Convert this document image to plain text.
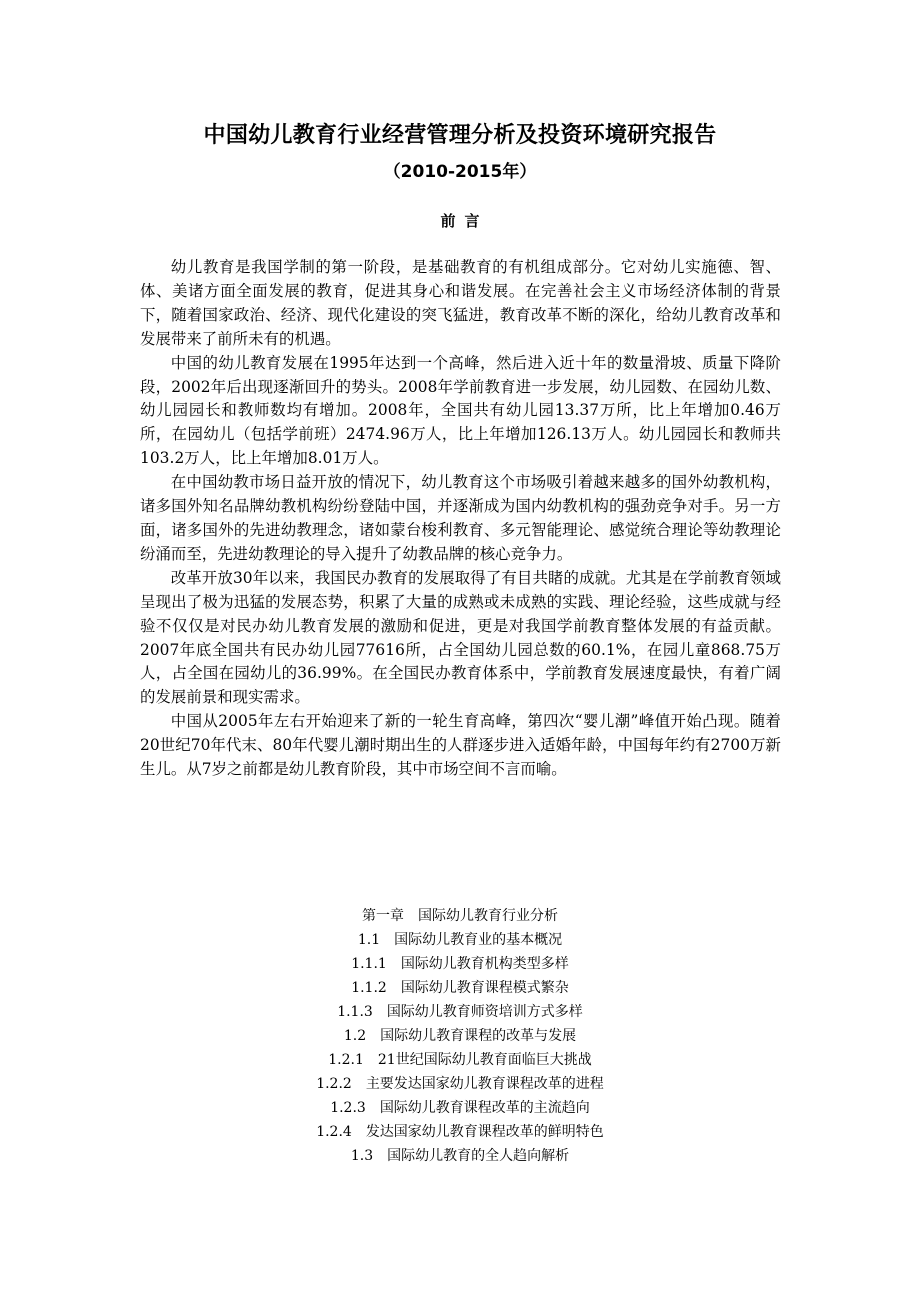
中国幼儿教育行业经营管理分析及投资环境研究报告
（2010-2015年）
前言

幼儿教育是我国学制的第一阶段，是基础教育的有机组成部分。它对幼儿实施德、智、体、美诸方面全面发展的教育，促进其身心和谐发展。在完善社会主义市场经济体制的背景下，随着国家政治、经济、现代化建设的突飞猛进，教育改革不断的深化，给幼儿教育改革和发展带来了前所未有的机遇。

中国的幼儿教育发展在1995年达到一个高峰，然后进入近十年的数量滑坡、质量下降阶段，2002年后出现逐渐回升的势头。2008年学前教育进一步发展，幼儿园数、在园幼儿数、幼儿园园长和教师数均有增加。2008年，全国共有幼儿园13.37万所，比上年增加0.46万所，在园幼儿（包括学前班）2474.96万人，比上年增加126.13万人。幼儿园园长和教师共103.2万人，比上年增加8.01万人。

在中国幼教市场日益开放的情况下，幼儿教育这个市场吸引着越来越多的国外幼教机构，诸多国外知名品牌幼教机构纷纷登陆中国，并逐渐成为国内幼教机构的强劲竞争对手。另一方面，诸多国外的先进幼教理念，诸如蒙台梭利教育、多元智能理论、感觉统合理论等幼教理论纷涌而至，先进幼教理论的导入提升了幼教品牌的核心竞争力。

改革开放30年以来，我国民办教育的发展取得了有目共睹的成就。尤其是在学前教育领域呈现出了极为迅猛的发展态势，积累了大量的成熟或未成熟的实践、理论经验，这些成就与经验不仅仅是对民办幼儿教育发展的激励和促进，更是对我国学前教育整体发展的有益贡献。2007年底全国共有民办幼儿园77616所，占全国幼儿园总数的60.1%，在园儿童868.75万人，占全国在园幼儿的36.99%。在全国民办教育体系中，学前教育发展速度最快，有着广阔的发展前景和现实需求。

中国从2005年左右开始迎来了新的一轮生育高峰，第四次“婴儿潮”峰值开始凸现。随着20世纪70年代末、80年代婴儿潮时期出生的人群逐步进入适婚年龄，中国每年约有2700万新生儿。从7岁之前都是幼儿教育阶段，其中市场空间不言而喻。

第一章 国际幼儿教育行业分析
1.1 国际幼儿教育业的基本概况
1.1.1 国际幼儿教育机构类型多样
1.1.2 国际幼儿教育课程模式繁杂
1.1.3 国际幼儿教育师资培训方式多样
1.2 国际幼儿教育课程的改革与发展
1.2.1 21世纪国际幼儿教育面临巨大挑战
1.2.2 主要发达国家幼儿教育课程改革的进程
1.2.3 国际幼儿教育课程改革的主流趋向
1.2.4 发达国家幼儿教育课程改革的鲜明特色
1.3 国际幼儿教育的全人趋向解析
